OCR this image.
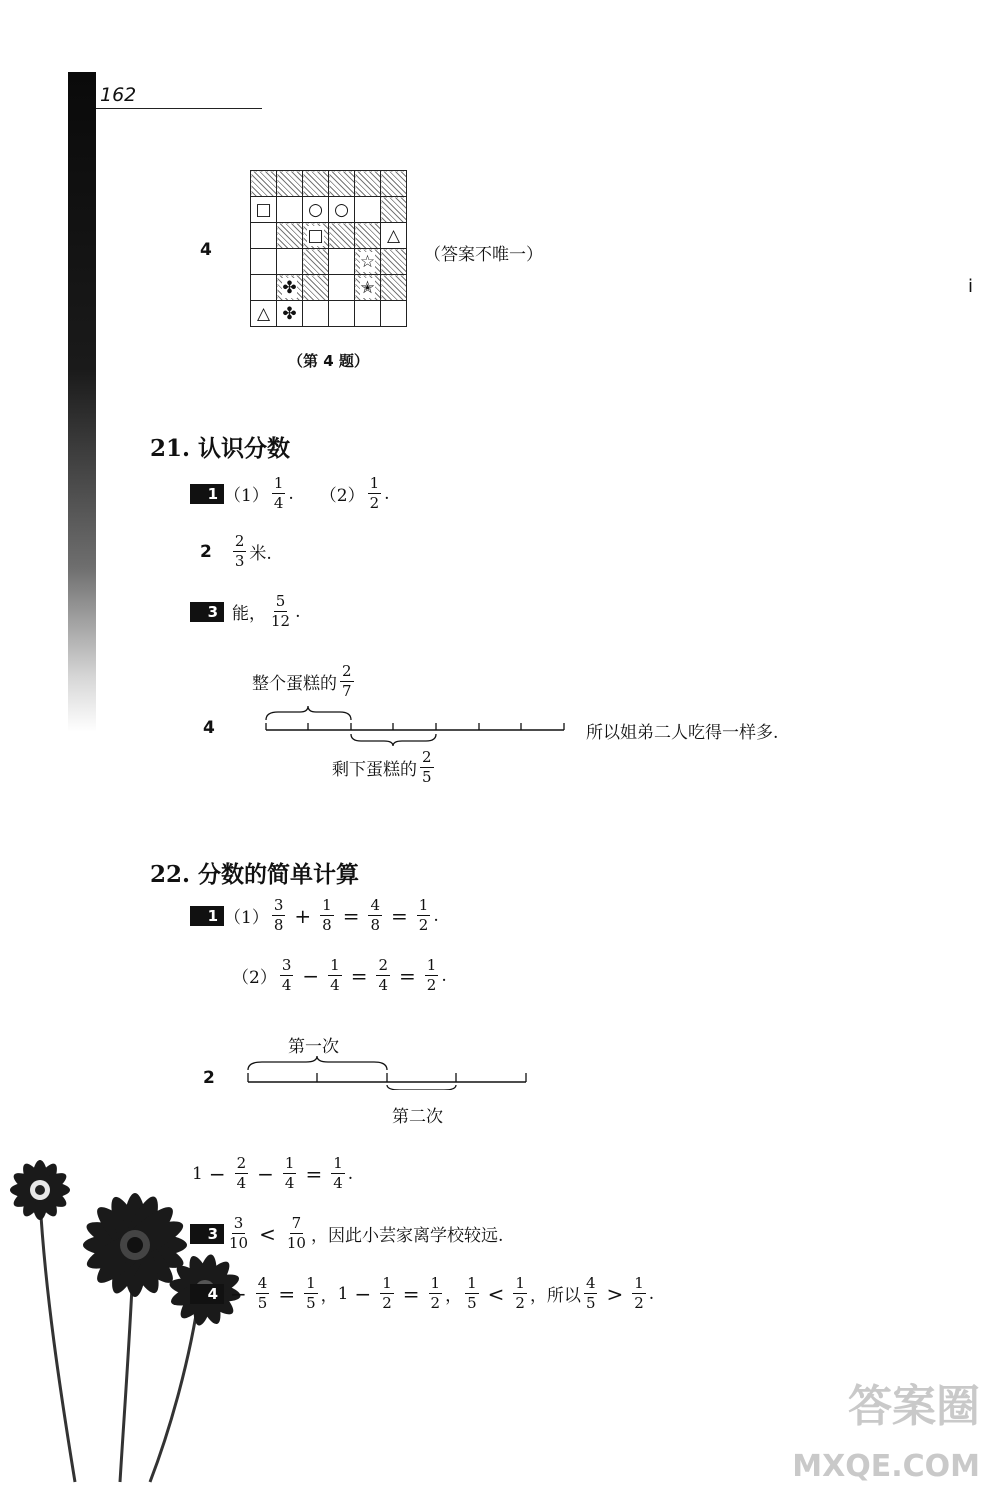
162
4

□		○	○		
		□			△
				☆	
	✤			✭	
△	✤				
（答案不唯一）
（第 4 题）
i
21. 认识分数
1 $(1) \frac{1}{4}$ . $(2) \frac{1}{2}$ .
$2 \frac{2}{3}$ 米.
3 能， $\frac{5}{12}$ .
整个蛋糕的 $\frac{2}{7}$
4	所以姐弟二人吃得一样多.
剩下蛋糕的 $\frac{2}{5}$
22. 分数的简单计算
1 $(1) \frac{3}{8} + \frac{1}{8} = \frac{4}{8} = \frac{1}{2}$ .
$(2) \frac{3}{4} - \frac{1}{4} = \frac{2}{4} = \frac{1}{2}$ .
第一次
2
第二次
$1 - \frac{2}{4} - \frac{1}{4} = \frac{1}{4}$ .
$3 \frac{3}{10} < \frac{7}{10}$ ，因此小芸家离学校较远.
$4 - \frac{4}{5} = \frac{1}{5}$ ， $1 - \frac{1}{2} = \frac{1}{2}$ ， $\frac{1}{5} < \frac{1}{2}$ ，所以 $\frac{4}{5} > \frac{1}{2}$ .
答案圈
MXQE.COM
